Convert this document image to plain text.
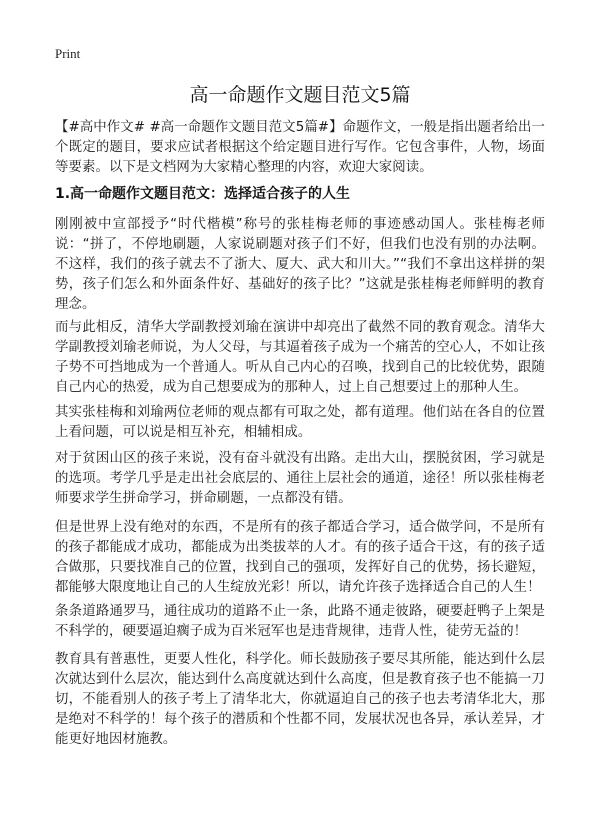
Print
高一命题作文题目范文5篇
【#高中作文# #高一命题作文题目范文5篇#】命题作文，一般是指出题者给出一个既定的题目，要求应试者根据这个给定题目进行写作。它包含事件，人物，场面等要素。以下是文档网为大家精心整理的内容，欢迎大家阅读。
1.高一命题作文题目范文：选择适合孩子的人生
刚刚被中宣部授予“时代楷模”称号的张桂梅老师的事迹感动国人。张桂梅老师说：“拼了，不停地刷题，人家说刷题对孩子们不好，但我们也没有别的办法啊。不这样，我们的孩子就去不了浙大、厦大、武大和川大。”“我们不拿出这样拼的架势，孩子们怎么和外面条件好、基础好的孩子比？”这就是张桂梅老师鲜明的教育理念。
而与此相反，清华大学副教授刘瑜在演讲中却亮出了截然不同的教育观念。清华大学副教授刘瑜老师说，为人父母，与其逼着孩子成为一个痛苦的空心人，不如让孩子势不可挡地成为一个普通人。听从自己内心的召唤，找到自己的比较优势，跟随自己内心的热爱，成为自己想要成为的那种人，过上自己想要过上的那种人生。
其实张桂梅和刘瑜两位老师的观点都有可取之处，都有道理。他们站在各自的位置上看问题，可以说是相互补充，相辅相成。
对于贫困山区的孩子来说，没有奋斗就没有出路。走出大山，摆脱贫困，学习就是的选项。考学几乎是走出社会底层的、通往上层社会的通道，途径！所以张桂梅老师要求学生拼命学习，拼命刷题，一点都没有错。
但是世界上没有绝对的东西，不是所有的孩子都适合学习，适合做学问，不是所有的孩子都能成才成功，都能成为出类拔萃的人才。有的孩子适合干这，有的孩子适合做那，只要找准自己的位置，找到自己的强项，发挥好自己的优势，扬长避短，都能够大限度地让自己的人生绽放光彩！所以，请允许孩子选择适合自己的人生！
条条道路通罗马，通往成功的道路不止一条，此路不通走彼路，硬要赶鸭子上架是不科学的，硬要逼迫瘸子成为百米冠军也是违背规律，违背人性，徒劳无益的！
教育具有普惠性，更要人性化，科学化。师长鼓励孩子要尽其所能，能达到什么层次就达到什么层次，能达到什么高度就达到什么高度，但是教育孩子也不能搞一刀切，不能看别人的孩子考上了清华北大，你就逼迫自己的孩子也去考清华北大，那是绝对不科学的！每个孩子的潜质和个性都不同，发展状况也各异，承认差异，才能更好地因材施教。
